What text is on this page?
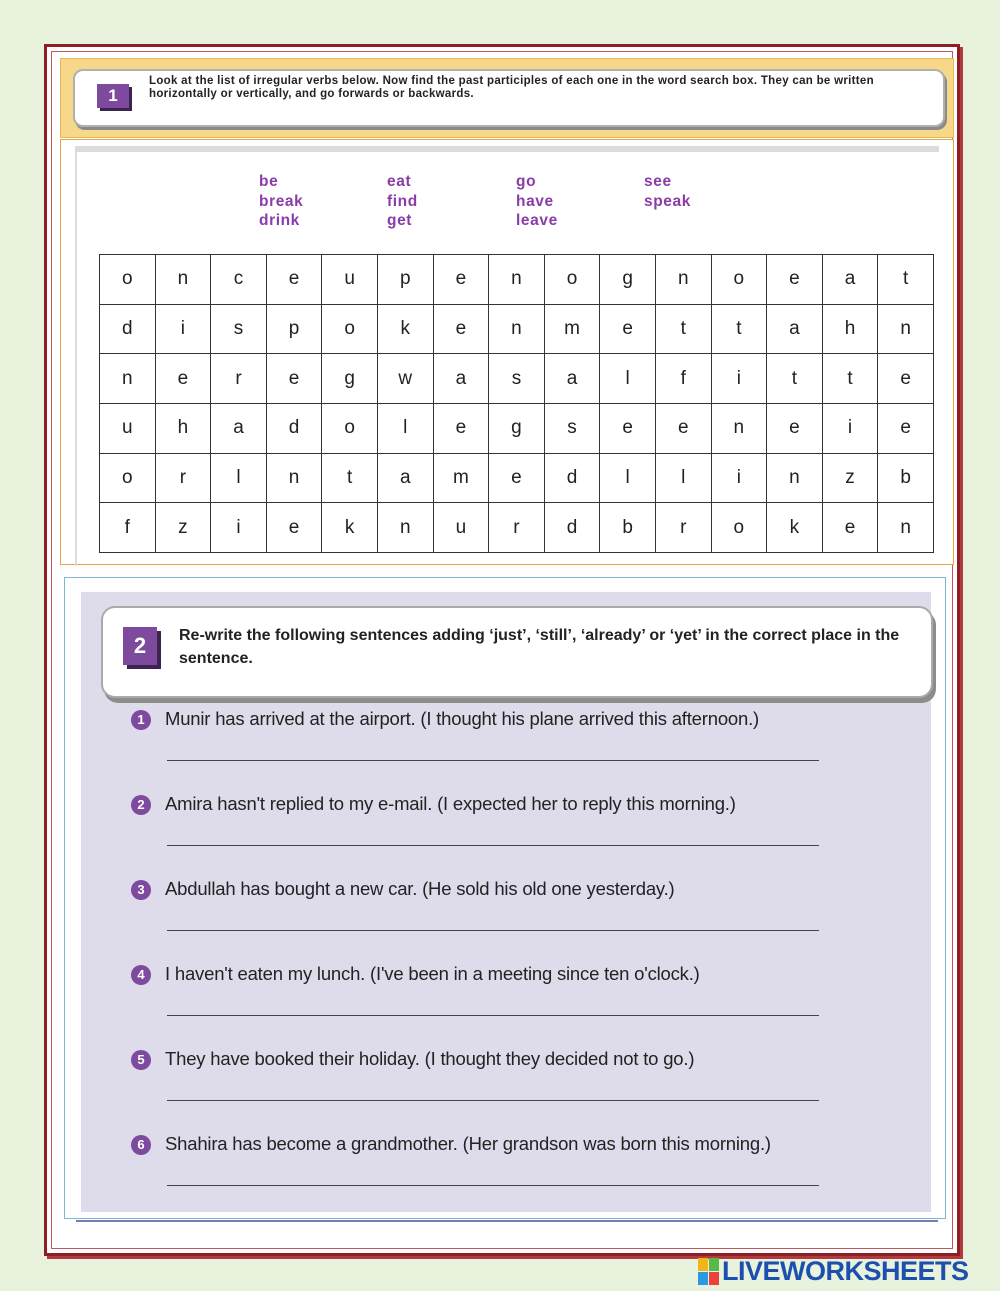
1
Look at the list of irregular verbs below. Now find the past participles of each one in the word search box. They can be written horizontally or vertically, and go forwards or backwards.
be
break
drink
eat
find
get
go
have
leave
see
speak
o	n	c	e	u	p	e	n	o	g	n	o	e	a	t
d	i	s	p	o	k	e	n	m	e	t	t	a	h	n
n	e	r	e	g	w	a	s	a	l	f	i	t	t	e
u	h	a	d	o	l	e	g	s	e	e	n	e	i	e
o	r	l	n	t	a	m	e	d	l	l	i	n	z	b
f	z	i	e	k	n	u	r	d	b	r	o	k	e	n
2	Re-write the following sentences adding ‘just’, ‘still’, ‘already’ or ‘yet’ in the correct place in the sentence.
1	Munir has arrived at the airport. (I thought his plane arrived this afternoon.)
2	Amira hasn't replied to my e-mail. (I expected her to reply this morning.)
3	Abdullah has bought a new car. (He sold his old one yesterday.)
4	I haven't eaten my lunch. (I've been in a meeting since ten o'clock.)
5	They have booked their holiday. (I thought they decided not to go.)
6	Shahira has become a grandmother. (Her grandson was born this morning.)
LIVEWORKSHEETS
